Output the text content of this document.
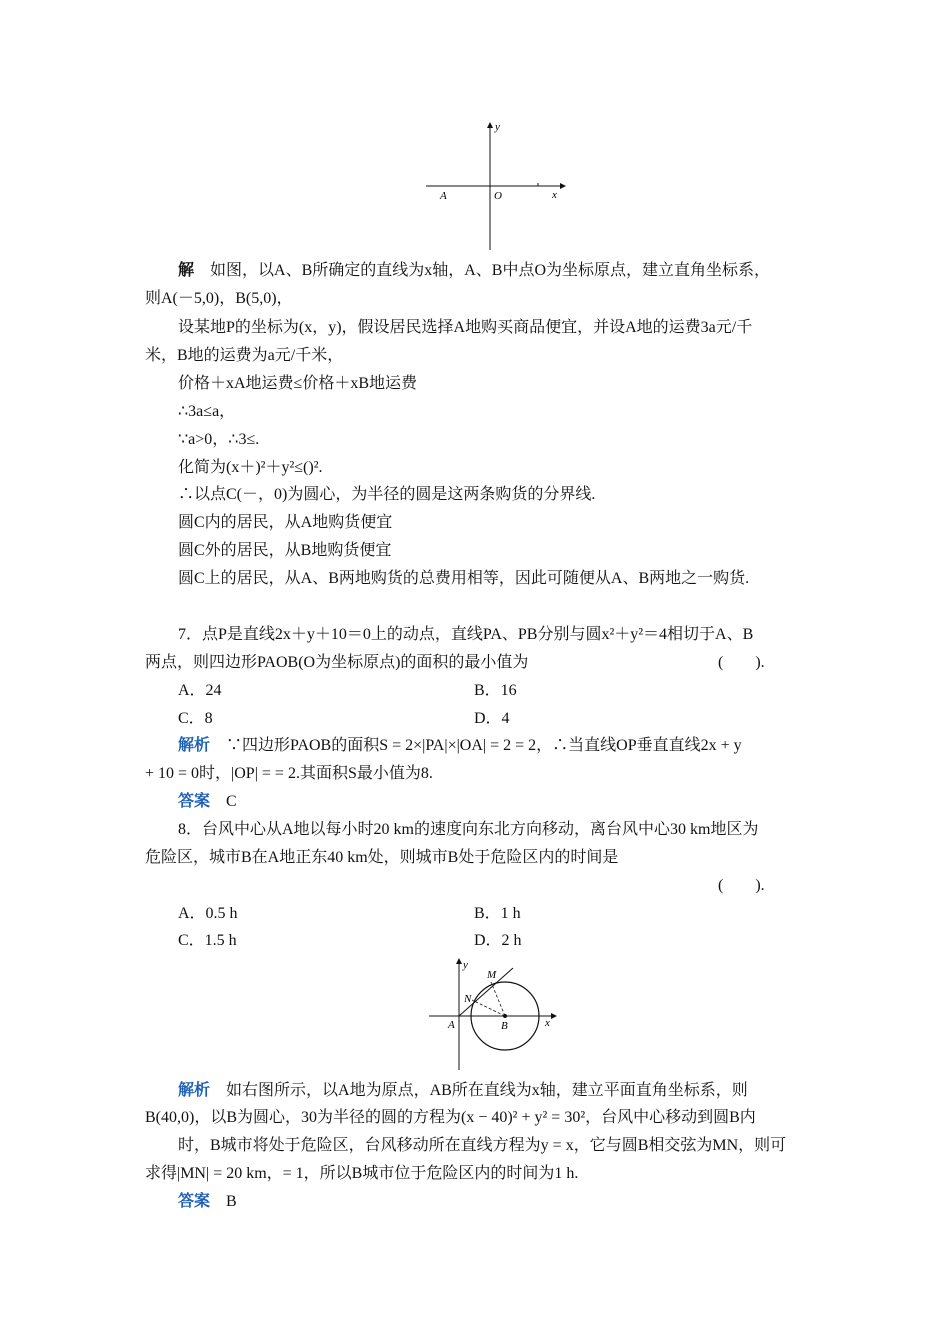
y
x
A	O
解 如图，以A、B所确定的直线为x轴，A、B中点O为坐标原点，建立直角坐标系，
则A(－5,0)，B(5,0)，
设某地P的坐标为(x，y)，假设居民选择A地购买商品便宜，并设A地的运费3a元/千
米，B地的运费为a元/千米，
价格＋xA地运费≤价格＋xB地运费
∴3a≤a，
∵a>0，∴3≤.
化简为(x＋)²＋y²≤()².
∴以点C(－，0)为圆心，为半径的圆是这两条购货的分界线.
圆C内的居民，从A地购货便宜
圆C外的居民，从B地购货便宜
圆C上的居民，从A、B两地购货的总费用相等，因此可随便从A、B两地之一购货.
7．点P是直线2x＋y＋10＝0上的动点，直线PA、PB分别与圆x²＋y²＝4相切于A、B
两点，则四边形PAOB(O为坐标原点)的面积的最小值为	(　　).
A．24	B．16
C．8	D．4
解析 ∵四边形PAOB的面积S = 2×|PA|×|OA| = 2 = 2，∴当直线OP垂直直线2x + y
+ 10 = 0时，|OP| = = 2.其面积S最小值为8.
答案 C
8．台风中心从A地以每小时20 km的速度向东北方向移动，离台风中心30 km地区为
危险区，城市B在A地正东40 km处，则城市B处于危险区内的时间是
(　　).
A．0.5 h	B．1 h
C．1.5 h	D．2 h
y
x
M
N
A	B
解析 如右图所示，以A地为原点，AB所在直线为x轴，建立平面直角坐标系，则
B(40,0)，以B为圆心，30为半径的圆的方程为(x − 40)² + y² = 30²，台风中心移动到圆B内
时，B城市将处于危险区，台风移动所在直线方程为y = x，它与圆B相交弦为MN，则可
求得|MN| = 20 km，= 1，所以B城市位于危险区内的时间为1 h.
答案 B
